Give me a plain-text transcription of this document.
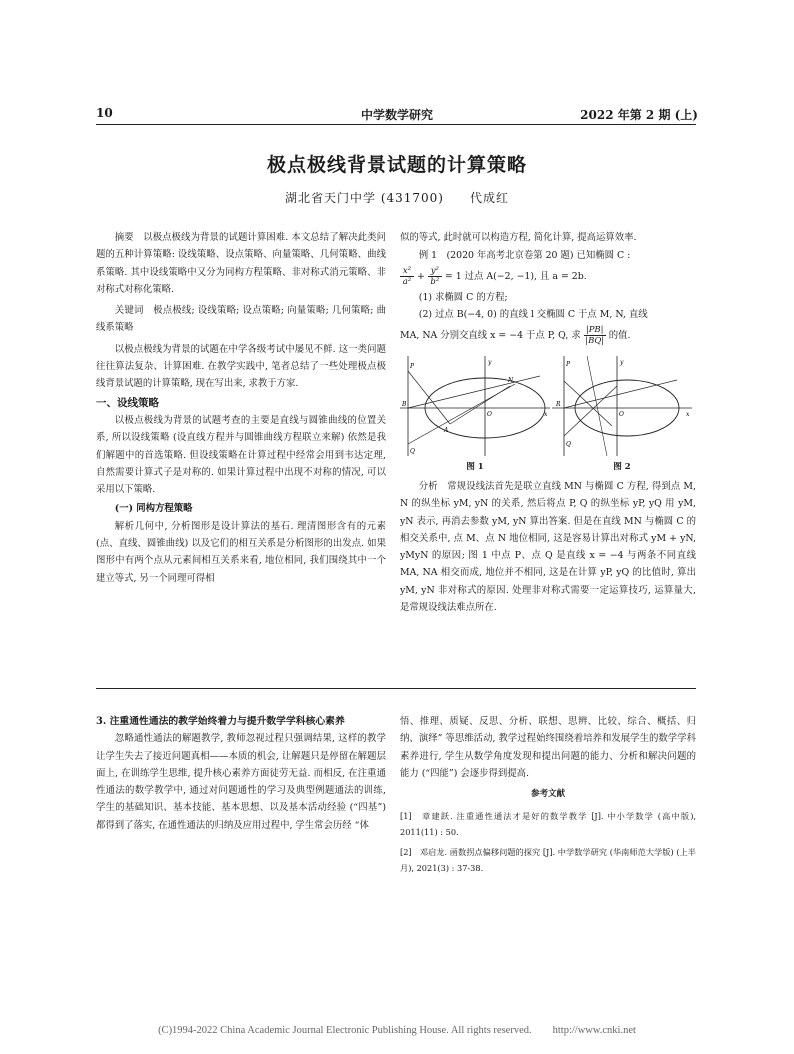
10	中学数学研究	2022 年第 2 期 (上)
极点极线背景试题的计算策略
湖北省天门中学 (431700)　　代成红

摘要　以极点极线为背景的试题计算困难. 本文总结了解决此类问题的五种计算策略: 设线策略、设点策略、向量策略、几何策略、曲线系策略. 其中设线策略中又分为同构方程策略、非对称式消元策略、非对称式对称化策略.

关键词　极点极线; 设线策略; 设点策略; 向量策略; 几何策略; 曲线系策略

以极点极线为背景的试题在中学各级考试中屡见不鲜. 这一类问题往往算法复杂、计算困难. 在教学实践中, 笔者总结了一些处理极点极线背景试题的计算策略, 现在写出来, 求教于方家.

一、设线策略

以极点极线为背景的试题考查的主要是直线与圆锥曲线的位置关系, 所以设线策略 (设直线方程并与圆锥曲线方程联立来解) 依然是我们解题中的首选策略. 但设线策略在计算过程中经常会用到韦达定理, 自然需要计算式子是对称的. 如果计算过程中出现不对称的情况, 可以采用以下策略.

(一) 同构方程策略

解析几何中, 分析图形是设计算法的基石. 理清图形含有的元素 (点、直线、圆锥曲线) 以及它们的相互关系是分析图形的出发点. 如果图形中有两个点从元素间相互关系来看, 地位相同, 我们围绕其中一个建立等式, 另一个同理可得相

似的等式, 此时就可以构造方程, 简化计算, 提高运算效率.

例 1　(2020 年高考北京卷第 20 题) 已知椭圆 C :

x²
a²
+ y²
b²
= 1 过点 A(−2, −1), 且 a = 2b.

(1) 求椭圆 C 的方程;

(2) 过点 B(−4, 0) 的直线 l 交椭圆 C 于点 M, N, 直线

MA, NA 分别交直线 x = −4 于点 P, Q, 求 |PB|
|BQ|
的值.
B
P
Q
y
x
O
A
N
R
P
Q
y
x
O
图 1	图 2

分析　常规设线法首先是联立直线 MN 与椭圆 C 方程, 得到点 M, N 的纵坐标 yM, yN 的关系, 然后将点 P, Q 的纵坐标 yP, yQ 用 yM, yN 表示, 再消去参数 yM, yN 算出答案. 但是在直线 MN 与椭圆 C 的相交关系中, 点 M、点 N 地位相同, 这是容易计算出对称式 yM + yN, yMyN 的原因; 图 1 中点 P、点 Q 是直线 x = −4 与两条不同直线 MA, NA 相交而成, 地位并不相同, 这是在计算 yP, yQ 的比值时, 算出 yM, yN 非对称式的原因. 处理非对称式需要一定运算技巧, 运算量大, 是常规设线法难点所在.

3. 注重通性通法的教学始终着力与提升数学学科核心素养

忽略通性通法的解题教学, 教师忽视过程只强调结果, 这样的教学让学生失去了接近问题真相——本质的机会, 让解题只是停留在解题层面上, 在训练学生思维, 提升核心素养方面徒劳无益. 而相反, 在注重通性通法的数学教学中, 通过对问题通性的学习及典型例题通法的训练, 学生的基础知识、基本技能、基本思想、以及基本活动经验 (“四基”) 都得到了落实, 在通性通法的归纳及应用过程中, 学生常会历经 “体

悟、推理、质疑、反思、分析、联想、思辨、比较、综合、概括、归纳、演绎” 等思维活动, 教学过程始终围绕着培养和发展学生的数学学科素养进行, 学生从数学角度发现和提出问题的能力、分析和解决问题的能力 (“四能”) 会逐步得到提高.

参考文献

[1]　章建跃. 注重通性通法才是好的数学教学 [J]. 中小学数学 (高中版), 2011(11) : 50.

[2]　邓启龙. 函数拐点偏移问题的探究 [J]. 中学数学研究 (华南师范大学版) (上半月), 2021(3) : 37-38.

(C)1994-2022 China Academic Journal Electronic Publishing House. All rights reserved.　　http://www.cnki.net
